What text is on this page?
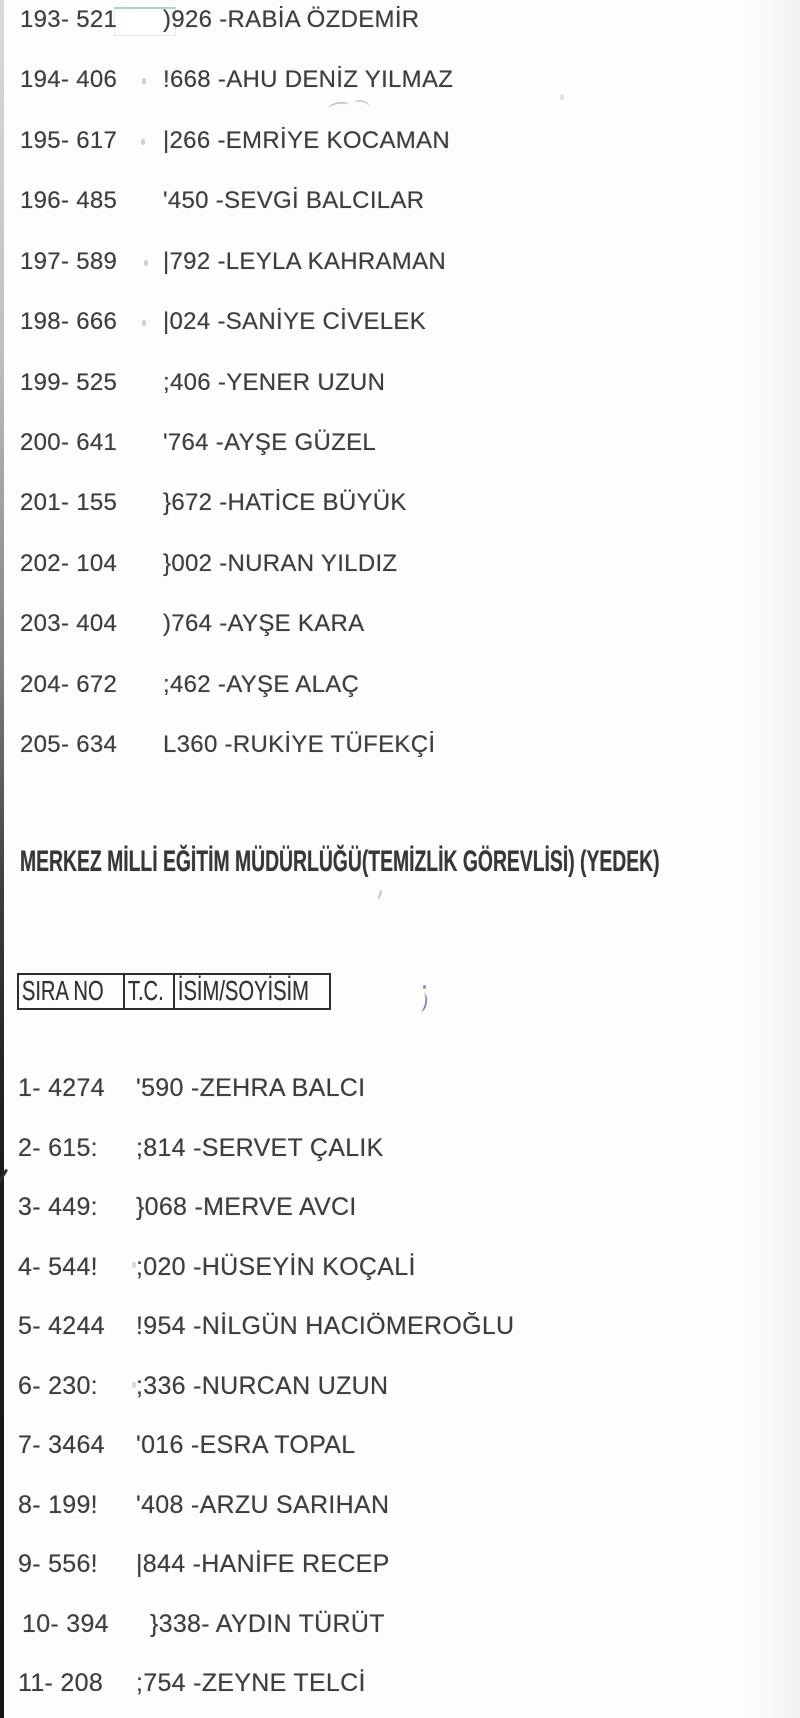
193- 521 )926 -RABİA ÖZDEMİR
194- 406 !668 -AHU DENİZ YILMAZ
195- 617 |266 -EMRİYE KOCAMAN
196- 485 '450 -SEVGİ BALCILAR
197- 589 |792 -LEYLA KAHRAMAN
198- 666 |024 -SANİYE CİVELEK
199- 525 ;406 -YENER UZUN
200- 641 '764 -AYŞE GÜZEL
201- 155 }672 -HATİCE BÜYÜK
202- 104 }002 -NURAN YILDIZ
203- 404 )764 -AYŞE KARA
204- 672 ;462 -AYŞE ALAÇ
205- 634 L360 -RUKİYE TÜFEKÇİ
MERKEZ MİLLİ EĞİTİM MÜDÜRLÜĞÜ(TEMİZLİK GÖREVLİSİ) (YEDEK)
SIRA NO T.C. İSİM/SOYİSİM
1- 4274 '590 -ZEHRA BALCI
2- 615: ;814 -SERVET ÇALIK
3- 449: }068 -MERVE AVCI
4- 544! ;020 -HÜSEYİN KOÇALİ
5- 4244 !954 -NİLGÜN HACIÖMEROĞLU
6- 230: ;336 -NURCAN UZUN
7- 3464 '016 -ESRA TOPAL
8- 199! '408 -ARZU SARIHAN
9- 556! |844 -HANİFE RECEP
10- 394 }338- AYDIN TÜRÜT
11- 208 ;754 -ZEYNE TELCİ
